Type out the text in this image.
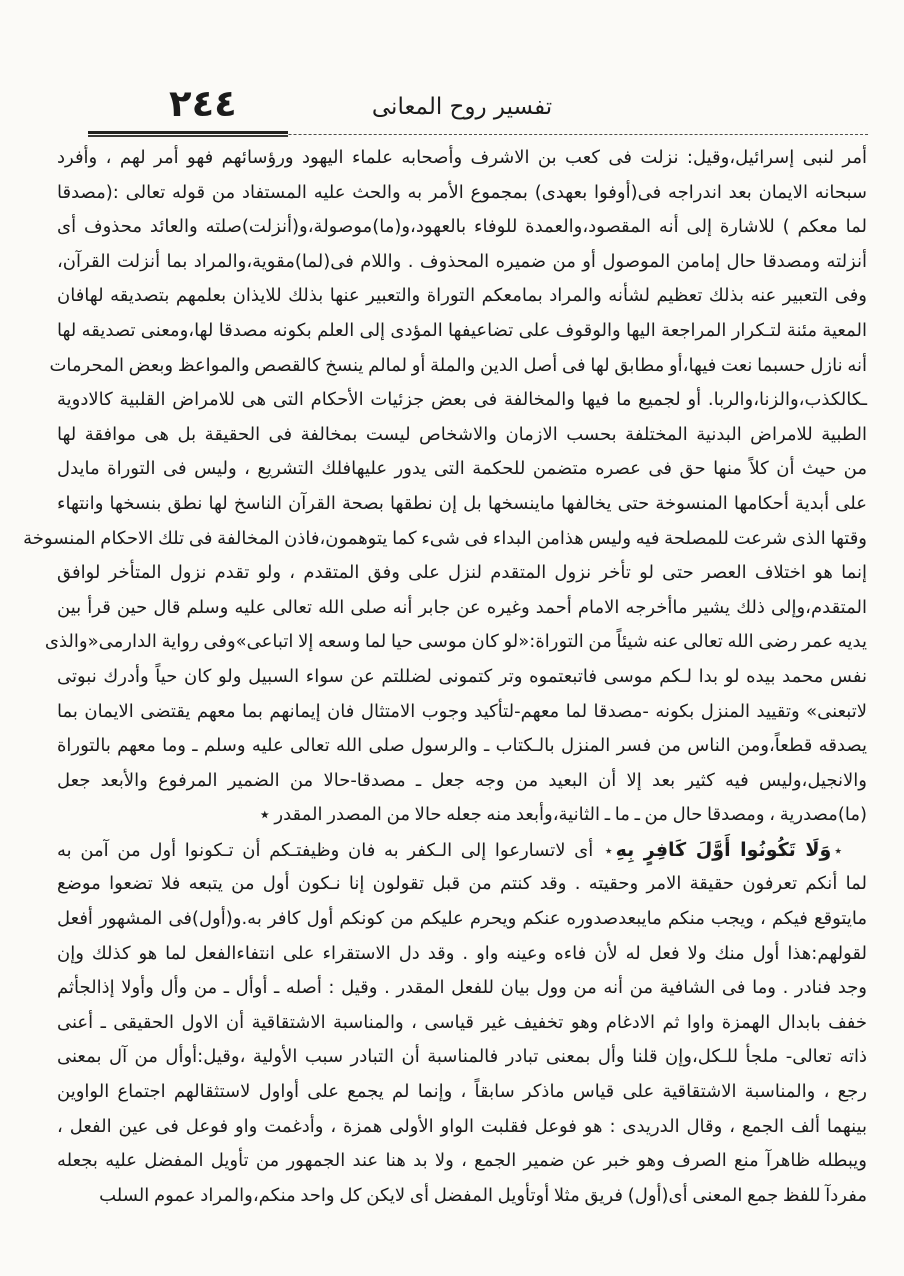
تفسير روح المعانى
٢٤٤
أمر لنبى إسرائيل،وقيل: نزلت فى كعب بن الاشرف وأصحابه علماء اليهود ورؤسائهم فهو أمر لهم ، وأفرد
سبحانه الايمان بعد اندراجه فى(أوفوا بعهدى) بمجموع الأمر به والحث عليه المستفاد من قوله تعالى :(مصدقا
لما معكم ) للاشارة إلى أنه المقصود،والعمدة للوفاء بالعهود،و(ما)موصولة،و(أنزلت)صلته والعائد محذوف أى
أنزلته ومصدقا حال إمامن الموصول أو من ضميره المحذوف . واللام فى(لما)مقوية،والمراد بما أنزلت القرآن،
وفى التعبير عنه بذلك تعظيم لشأنه والمراد بمامعكم التوراة والتعبير عنها بذلك للايذان بعلمهم بتصديقه لهافان
المعية مئنة لتـكرار المراجعة اليها والوقوف على تضاعيفها المؤدى إلى العلم بكونه مصدقا لها،ومعنى تصديقه لها
أنه نازل حسبما نعت فيها،أو مطابق لها فى أصل الدين والملة أو لمالم ينسخ كالقصص والمواعظ وبعض المحرمات
ـكالكذب،والزنا،والربا. أو لجميع ما فيها والمخالفة فى بعض جزئيات الأحكام التى هى للامراض القلبية كالادوية
الطبية للامراض البدنية المختلفة بحسب الازمان والاشخاص ليست بمخالفة فى الحقيقة بل هى موافقة لها
من حيث أن كلاً منها حق فى عصره متضمن للحكمة التى يدور عليهافلك التشريع ، وليس فى التوراة مايدل
على أبدية أحكامها المنسوخة حتى يخالفها ماينسخها بل إن نطقها بصحة القرآن الناسخ لها نطق بنسخها وانتهاء
وقتها الذى شرعت للمصلحة فيه وليس هذامن البداء فى شىء كما يتوهمون،فاذن المخالفة فى تلك الاحكام المنسوخة
إنما هو اختلاف العصر حتى لو تأخر نزول المتقدم لنزل على وفق المتقدم ، ولو تقدم نزول المتأخر لوافق
المتقدم،وإلى ذلك يشير ماأخرجه الامام أحمد وغيره عن جابر أنه صلى الله تعالى عليه وسلم قال حين قرأ بين
يديه عمر رضى الله تعالى عنه شيئاً من التوراة:«لو كان موسى حيا لما وسعه إلا اتباعى»وفى رواية الدارمى«والذى
نفس محمد بيده لو بدا لـكم موسى فاتبعتموه وتر كتمونى لضللتم عن سواء السبيل ولو كان حياً وأدرك نبوتى
لاتبعنى» وتقييد المنزل بكونه -مصدقا لما معهم-لتأكيد وجوب الامتثال فان إيمانهم بما معهم يقتضى الايمان بما
يصدقه قطعاً،ومن الناس من فسر المنزل بالـكتاب ـ والرسول صلى الله تعالى عليه وسلم ـ وما معهم بالتوراة
والانجيل،وليس فيه كثير بعد إلا أن البعيد من وجه جعل ـ مصدقا-حالا من الضمير المرفوع والأبعد جعل
(ما)مصدرية ، ومصدقا حال من ـ ما ـ الثانية،وأبعد منه جعله حالا من المصدر المقدر ٭
٭وَلَا تَكُونُوا أَوَّلَ كَافِرٍ بِهِ٭ أى لاتسارعوا إلى الـكفر به فان وظيفتـكم أن تـكونوا أول من آمن به
لما أنكم تعرفون حقيقة الامر وحقيته . وقد كنتم من قبل تقولون إنا نـكون أول من يتبعه فلا تضعوا موضع
مايتوقع فيكم ، ويجب منكم مايبعدصدوره عنكم ويحرم عليكم من كونكم أول كافر به.و(أول)فى المشهور أفعل
لقولهم:هذا أول منك ولا فعل له لأن فاءه وعينه واو . وقد دل الاستقراء على انتفاءالفعل لما هو كذلك وإن
وجد فنادر . وما فى الشافية من أنه من وول بيان للفعل المقدر . وقيل : أصله ـ أوأل ـ من وأل وأولا إذالجأثم
خفف بابدال الهمزة واوا ثم الادغام وهو تخفيف غير قياسى ، والمناسبة الاشتقاقية أن الاول الحقيقى ـ أعنى
ذاته تعالى- ملجأ للـكل،وإن قلنا وأل بمعنى تبادر فالمناسبة أن التبادر سبب الأولية ،وقيل:أوأل من آل بمعنى
رجع ، والمناسبة الاشتقاقية على قياس ماذكر سابقاً ، وإنما لم يجمع على أواول لاستثقالهم اجتماع الواوين
بينهما ألف الجمع ، وقال الدريدى : هو فوعل فقلبت الواو الأولى همزة ، وأدغمت واو فوعل فى عين الفعل ،
ويبطله ظاهرآ منع الصرف وهو خبر عن ضمير الجمع ، ولا بد هنا عند الجمهور من تأويل المفضل عليه بجعله
مفردآ للفظ جمع المعنى أى(أول) فريق مثلا أوتأويل المفضل أى لايكن كل واحد منكم،والمراد عموم السلب
